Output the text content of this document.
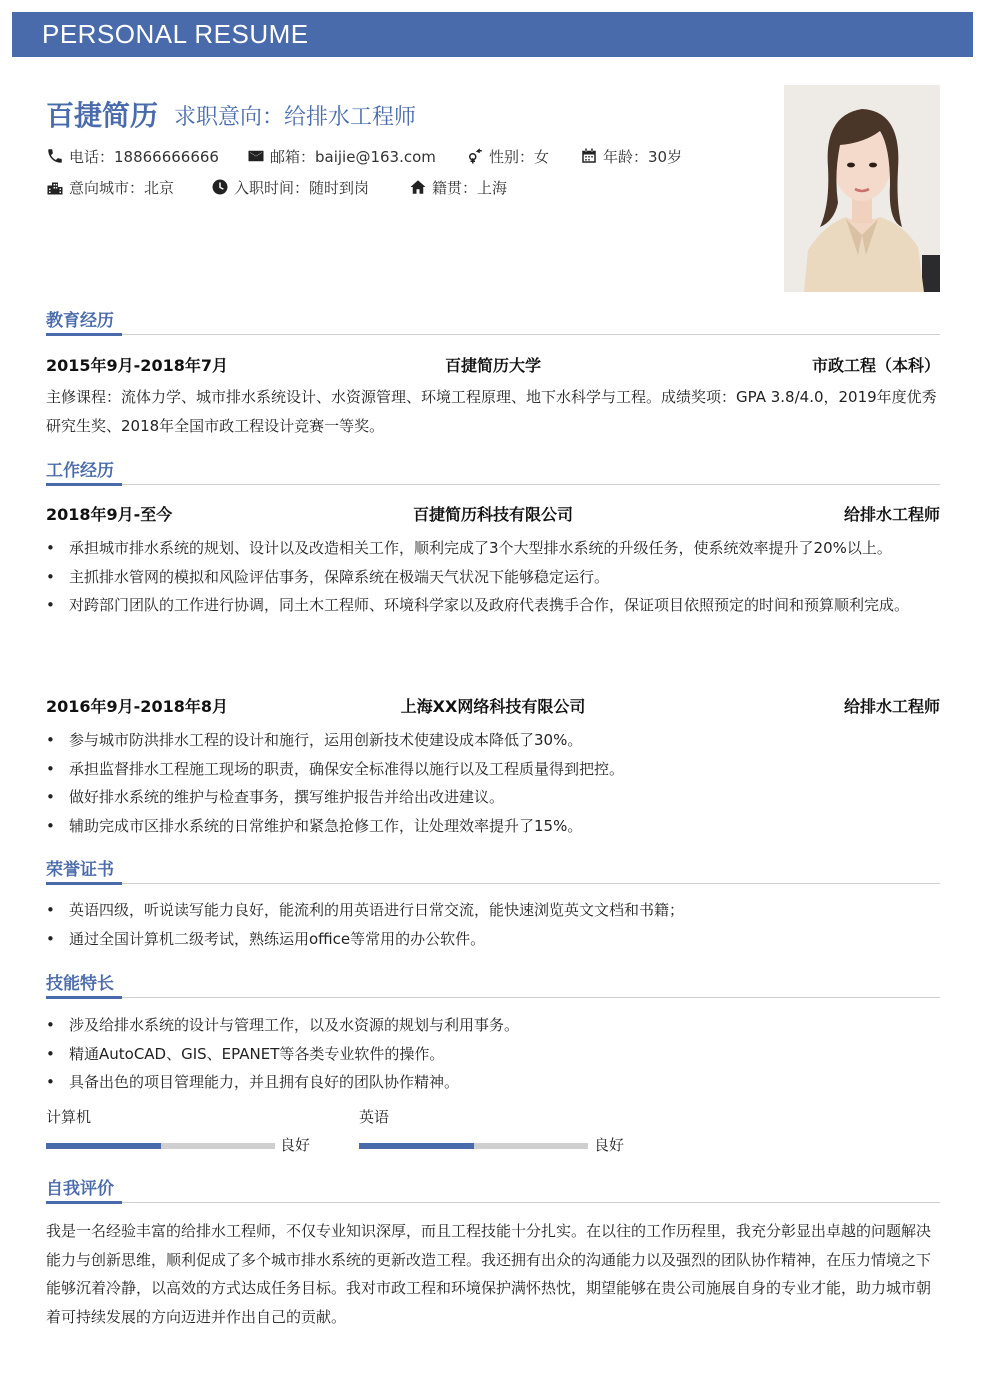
PERSONAL RESUME
百捷简历 求职意向：给排水工程师
电话：18866666666	邮箱：baijie@163.com	性别：女	年龄：30岁
意向城市：北京	入职时间：随时到岗	籍贯：上海
教育经历
2015年9月-2018年7月	百捷简历大学	市政工程（本科）
主修课程：流体力学、城市排水系统设计、水资源管理、环境工程原理、地下水科学与工程。成绩奖项：GPA 3.8/4.0，2019年度优秀研究生奖、2018年全国市政工程设计竞赛一等奖。
工作经历
2018年9月-至今	百捷简历科技有限公司	给排水工程师
• 承担城市排水系统的规划、设计以及改造相关工作，顺利完成了3个大型排水系统的升级任务，使系统效率提升了20%以上。
• 主抓排水管网的模拟和风险评估事务，保障系统在极端天气状况下能够稳定运行。
• 对跨部门团队的工作进行协调，同土木工程师、环境科学家以及政府代表携手合作，保证项目依照预定的时间和预算顺利完成。
2016年9月-2018年8月	上海XX网络科技有限公司	给排水工程师
• 参与城市防洪排水工程的设计和施行，运用创新技术使建设成本降低了30%。
• 承担监督排水工程施工现场的职责，确保安全标准得以施行以及工程质量得到把控。
• 做好排水系统的维护与检查事务，撰写维护报告并给出改进建议。
• 辅助完成市区排水系统的日常维护和紧急抢修工作，让处理效率提升了15%。
荣誉证书
• 英语四级，听说读写能力良好，能流利的用英语进行日常交流，能快速浏览英文文档和书籍；
• 通过全国计算机二级考试，熟练运用office等常用的办公软件。
技能特长
• 涉及给排水系统的设计与管理工作，以及水资源的规划与利用事务。
• 精通AutoCAD、GIS、EPANET等各类专业软件的操作。
• 具备出色的项目管理能力，并且拥有良好的团队协作精神。
计算机
良好
英语
良好
自我评价
我是一名经验丰富的给排水工程师，不仅专业知识深厚，而且工程技能十分扎实。在以往的工作历程里，我充分彰显出卓越的问题解决能力与创新思维，顺利促成了多个城市排水系统的更新改造工程。我还拥有出众的沟通能力以及强烈的团队协作精神，在压力情境之下能够沉着冷静，以高效的方式达成任务目标。我对市政工程和环境保护满怀热忱，期望能够在贵公司施展自身的专业才能，助力城市朝着可持续发展的方向迈进并作出自己的贡献。
